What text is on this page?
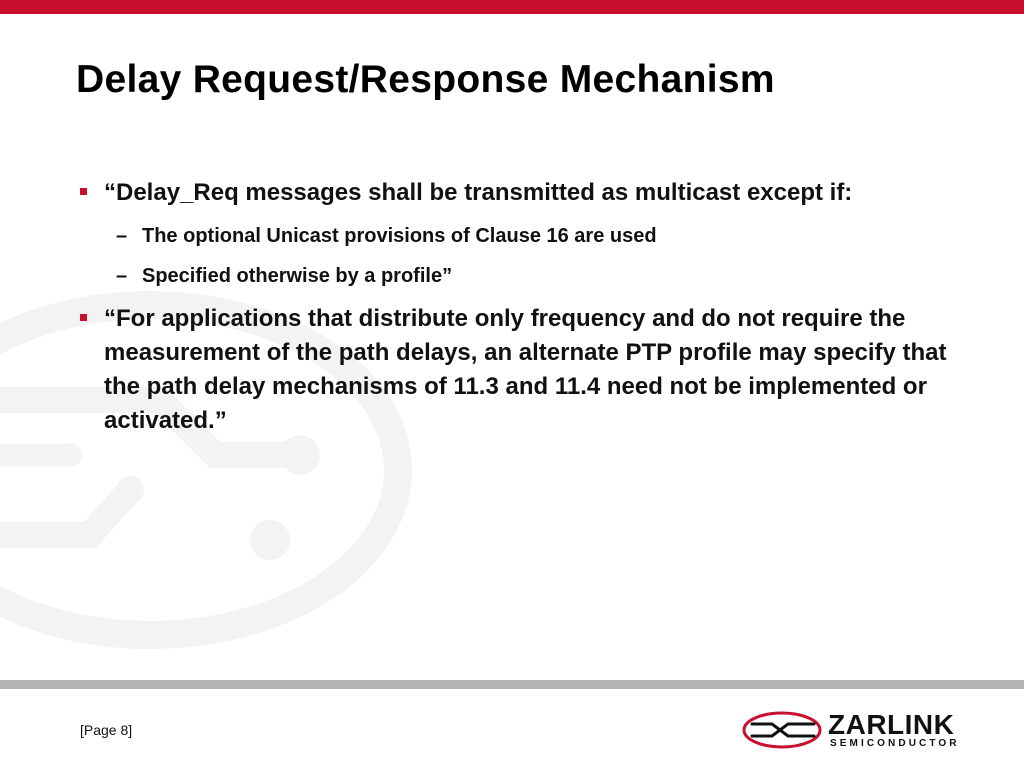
Delay Request/Response Mechanism
“Delay_Req messages shall be transmitted as multicast except if:
– The optional Unicast provisions of Clause 16 are used
– Specified otherwise by a profile”
“For applications that distribute only frequency and do not require the measurement of the path delays, an alternate PTP profile may specify that the path delay mechanisms of 11.3 and 11.4 need not be implemented or activated.”
[Page 8]	ZARLINK
SEMICONDUCTOR
